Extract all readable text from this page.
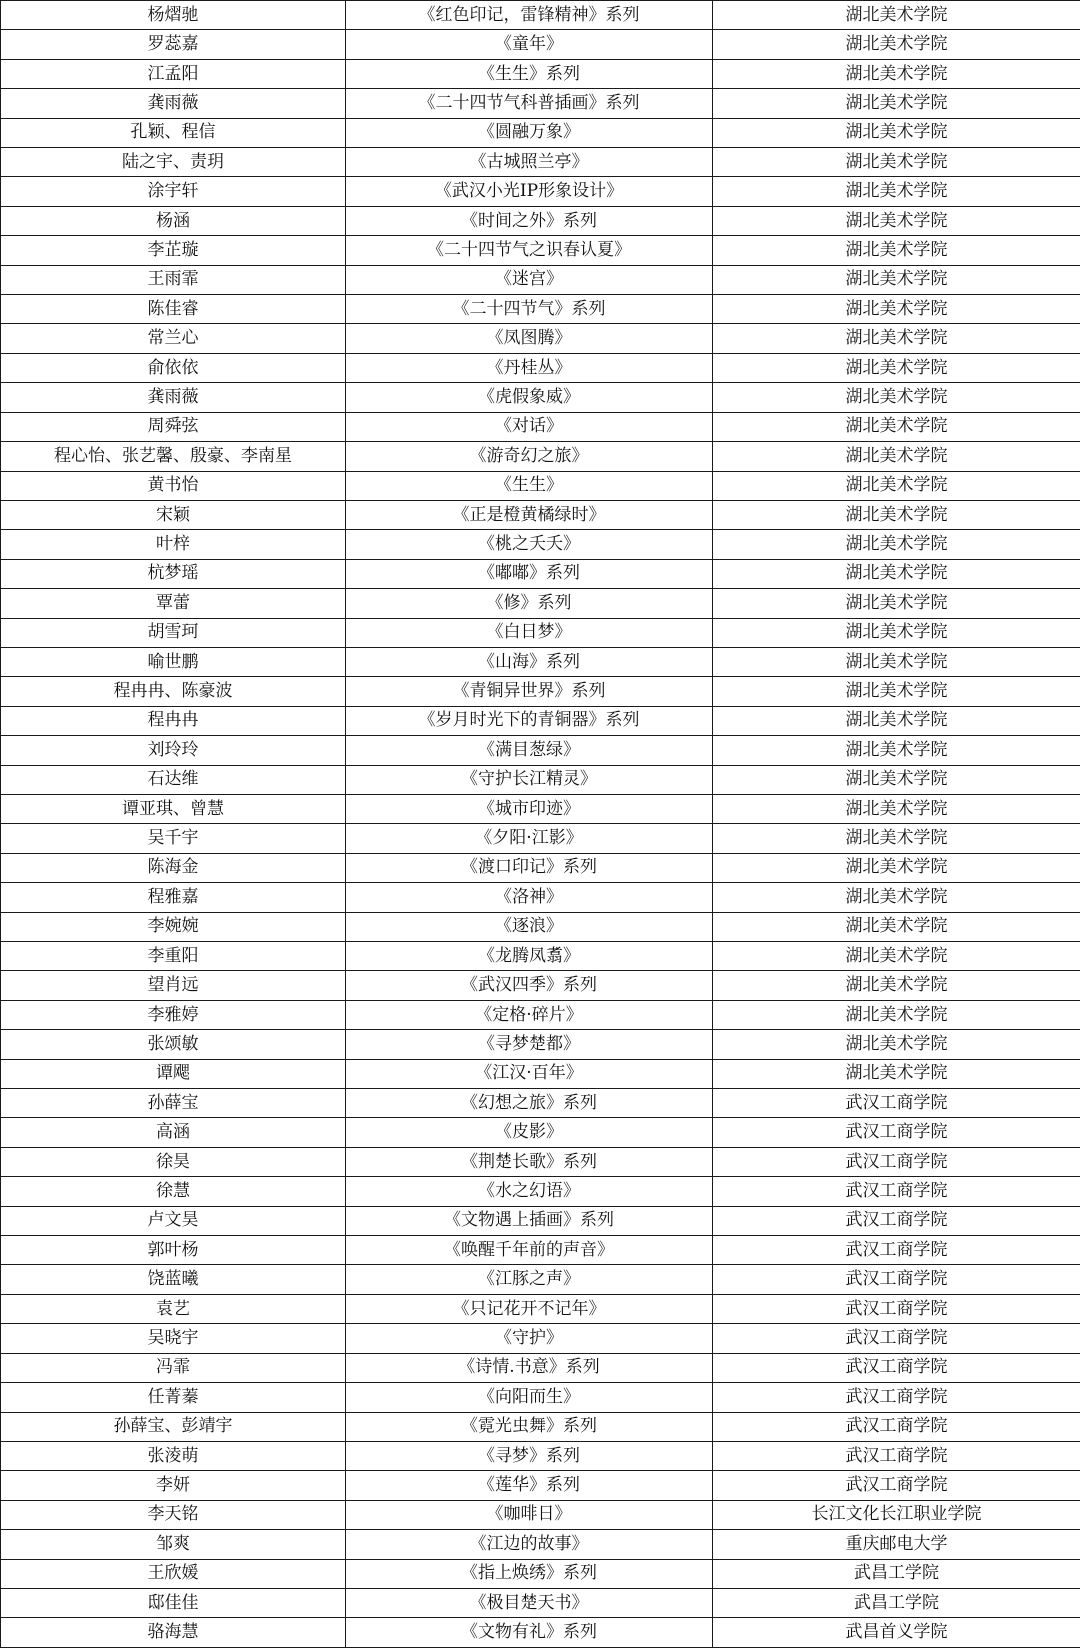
杨熠驰	《红色印记，雷锋精神》系列	湖北美术学院
罗蕊嘉	《童年》	湖北美术学院
江孟阳	《生生》系列	湖北美术学院
龚雨薇	《二十四节气科普插画》系列	湖北美术学院
孔颖、程信	《圆融万象》	湖北美术学院
陆之宇、责玥	《古城照兰亭》	湖北美术学院
涂宇轩	《武汉小光IP形象设计》	湖北美术学院
杨涵	《时间之外》系列	湖北美术学院
李芷璇	《二十四节气之识春认夏》	湖北美术学院
王雨霏	《迷宫》	湖北美术学院
陈佳睿	《二十四节气》系列	湖北美术学院
常兰心	《凤图腾》	湖北美术学院
俞依依	《丹桂丛》	湖北美术学院
龚雨薇	《虎假象威》	湖北美术学院
周舜弦	《对话》	湖北美术学院
程心怡、张艺馨、殷豪、李南星	《游奇幻之旅》	湖北美术学院
黄书怡	《生生》	湖北美术学院
宋颖	《正是橙黄橘绿时》	湖北美术学院
叶梓	《桃之夭夭》	湖北美术学院
杭梦瑶	《嘟嘟》系列	湖北美术学院
覃蕾	《修》系列	湖北美术学院
胡雪珂	《白日梦》	湖北美术学院
喻世鹏	《山海》系列	湖北美术学院
程冉冉、陈豪波	《青铜异世界》系列	湖北美术学院
程冉冉	《岁月时光下的青铜器》系列	湖北美术学院
刘玲玲	《满目葱绿》	湖北美术学院
石达维	《守护长江精灵》	湖北美术学院
谭亚琪、曾慧	《城市印迹》	湖北美术学院
吴千宇	《夕阳·江影》	湖北美术学院
陈海金	《渡口印记》系列	湖北美术学院
程雅嘉	《洛神》	湖北美术学院
李婉婉	《逐浪》	湖北美术学院
李重阳	《龙腾凤翥》	湖北美术学院
望肖远	《武汉四季》系列	湖北美术学院
李雅婷	《定格·碎片》	湖北美术学院
张颂敏	《寻梦楚都》	湖北美术学院
谭飔	《江汉·百年》	湖北美术学院
孙薛宝	《幻想之旅》系列	武汉工商学院
高涵	《皮影》	武汉工商学院
徐昊	《荆楚长歌》系列	武汉工商学院
徐慧	《水之幻语》	武汉工商学院
卢文昊	《文物遇上插画》系列	武汉工商学院
郭叶杨	《唤醒千年前的声音》	武汉工商学院
饶蓝曦	《江豚之声》	武汉工商学院
袁艺	《只记花开不记年》	武汉工商学院
吴晓宇	《守护》	武汉工商学院
冯霏	《诗情.书意》系列	武汉工商学院
任菁蓁	《向阳而生》	武汉工商学院
孙薛宝、彭靖宇	《霓光虫舞》系列	武汉工商学院
张淩萌	《寻梦》系列	武汉工商学院
李妍	《莲华》系列	武汉工商学院
李天铭	《咖啡日》	长江文化长江职业学院
邹爽	《江边的故事》	重庆邮电大学
王欣媛	《指上焕绣》系列	武昌工学院
邸佳佳	《极目楚天书》	武昌工学院
骆海慧	《文物有礼》系列	武昌首义学院
